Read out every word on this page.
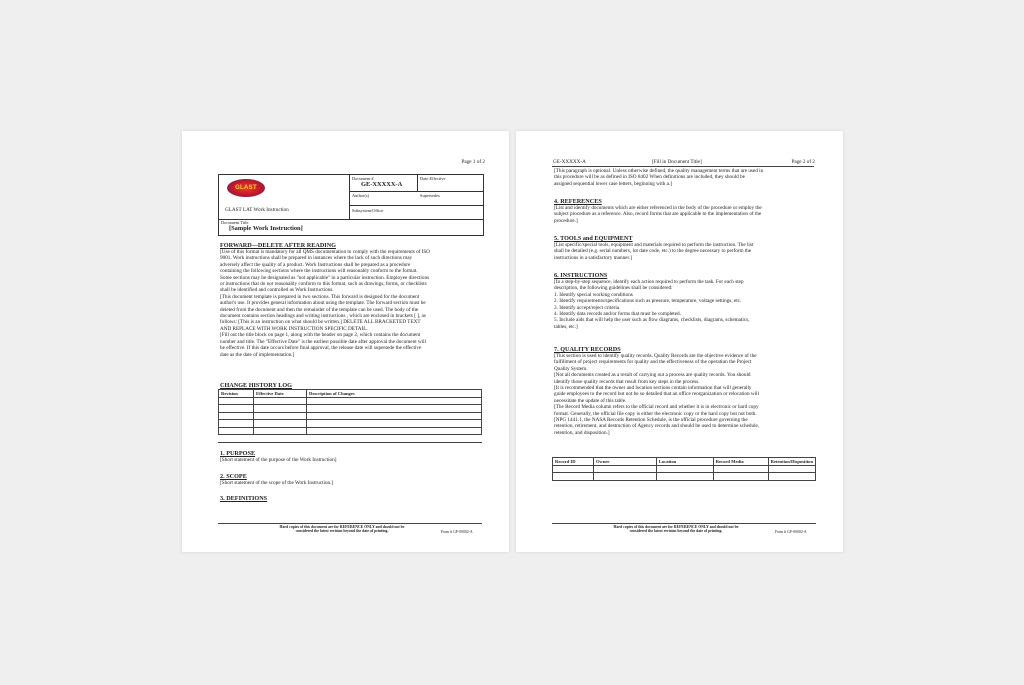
Page 1 of 2
GLAST
Document #
GE-XXXXX-A
Date Effective
Author(s)	Supersedes
Subsystem/Office
GLAST LAT Work Instruction
Document Title
[Sample Work Instruction]
FORWARD—DELETE AFTER READING
[Use of this format is mandatory for all QMS documentation to comply with the requirements of ISO
9001. Work instructions shall be prepared in instances where the lack of such directions may
adversely affect the quality of a product. Work Instructions shall be prepared as a procedure
containing the following sections where the instructions will reasonably conform to the format.
Some sections may be designated as "not applicable" in a particular instruction. Employee directions
or instructions that do not reasonably conform to this format, such as drawings, forms, or checklists
shall be identified and controlled as Work Instructions.
[This document template is prepared in two sections. This forward is designed for the document
author's use. It provides general information about using the template. The forward section must be
deleted from the document and then the remainder of the template can be used. The body of the
document contains section headings and writing instructions , which are enclosed in brackets [ ], as
follows: [This is an instruction on what should be written.] DELETE ALL BRACKETED TEXT
AND REPLACE WITH WORK INSTRUCTION SPECIFIC DETAIL.
[Fill out the title block on page 1, along with the header on page 2, which contains the document
number and title. The "Effective Date" is the earliest possible date after approval the document will
be effective. If this date occurs before final approval, the release date will supersede the effective
date as the date of implementation.]
CHANGE HISTORY LOG
Revision	Effective Date	Description of Changes

1. PURPOSE
[Short statement of the purpose of the Work Instruction]
2. SCOPE
[Short statement of the scope of the Work Instruction.]
3. DEFINITIONS
Hard copies of this document are for REFERENCE ONLY and should not be
considered the latest revision beyond the date of printing.	Form # GP-00002-A
GE-XXXXX-A	[Fill in Document Title]	Page 2 of 2
[This paragraph is optional. Unless otherwise defined, the quality management terms that are used in
this procedure will be as defined in ISO 8402 When definitions are included, they should be
assigned sequential lower case letters, beginning with a.]
4. REFERENCES
[List and identify documents which are either referenced in the body of the procedure or employ the
subject procedure as a reference. Also, record forms that are applicable to the implementation of the
procedure.]
5. TOOLS and EQUIPMENT
[List specific/special tools, equipment and materials required to perform the instruction. The list
shall be detailed (e.g. serial numbers, lot date code, etc.) to the degree necessary to perform the
instructions in a satisfactory manner.]
6. INSTRUCTIONS
[In a step-by-step sequence, identify each action required to perform the task. For each step
description, the following guidelines shall be considered:
1. Identify special working conditions
2. Identify requirements/specifications such as pressure, temperature, voltage settings, etc.
3. Identify accept/reject criteria
4. Identify data records and/or forms that must be completed.
5. Include aids that will help the user such as flow diagrams, checklists, diagrams, schematics,
tables, etc.]
7. QUALITY RECORDS
[This section is used to identify quality records. Quality Records are the objective evidence of the
fulfillment of project requirements for quality and the effectiveness of the operation the Project
Quality System.
[Not all documents created as a result of carrying out a process are quality records. You should
identify those quality records that result from key steps in the process.
[It is recommended that the owner and location sections contain information that will generally
guide employees to the record but not be so detailed that an office reorganization or relocation will
necessitate the update of this table.
[The Record Media column refers to the official record and whether it is in electronic or hard copy
format. Generally, the official file copy is either the electronic copy or the hard copy but not both.
[NPG 1441.1, the NASA Records Retention Schedule, is the official procedure governing the
retention, retirement, and destruction of Agency records and should be used to determine schedule,
retention, and disposition.]
Record ID	Owner	Location	Record Media	Retention/Disposition

Hard copies of this document are for REFERENCE ONLY and should not be
considered the latest revision beyond the date of printing.	Form # GP-00002-A
